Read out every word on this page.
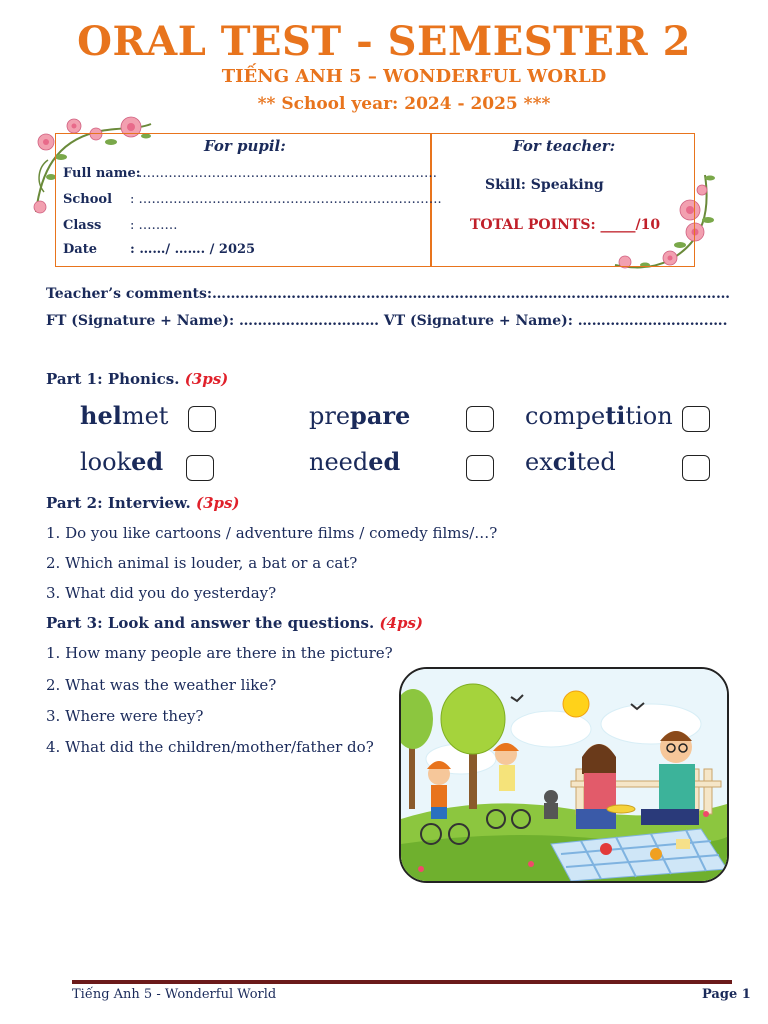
ORAL TEST - SEMESTER 2
TIẾNG ANH 5 – WONDERFUL WORLD
** School year: 2024 - 2025 ***
For pupil:	For teacher:
Full name:
……………………………………………………………
School : …………………………………………………………….
Class : ………
Date	: ……/ ……. / 2025
Skill: Speaking
TOTAL POINTS: _____/10
Teacher’s comments:…………………………………………………………………………………………………
FT (Signature + Name): ………………………… VT (Signature + Name): ……………………….….
Part 1: Phonics. (3ps)
helmet	prepare	competition
looked	needed	excited
Part 2: Interview. (3ps)
1. Do you like cartoons / adventure films / comedy films/…?
2. Which animal is louder, a bat or a cat?
3. What did you do yesterday?
Part 3: Look and answer the questions. (4ps)
1. How many people are there in the picture?
2. What was the weather like?
3. Where were they?
4. What did the children/mother/father do?
Tiếng Anh 5 - Wonderful World	Page 1
